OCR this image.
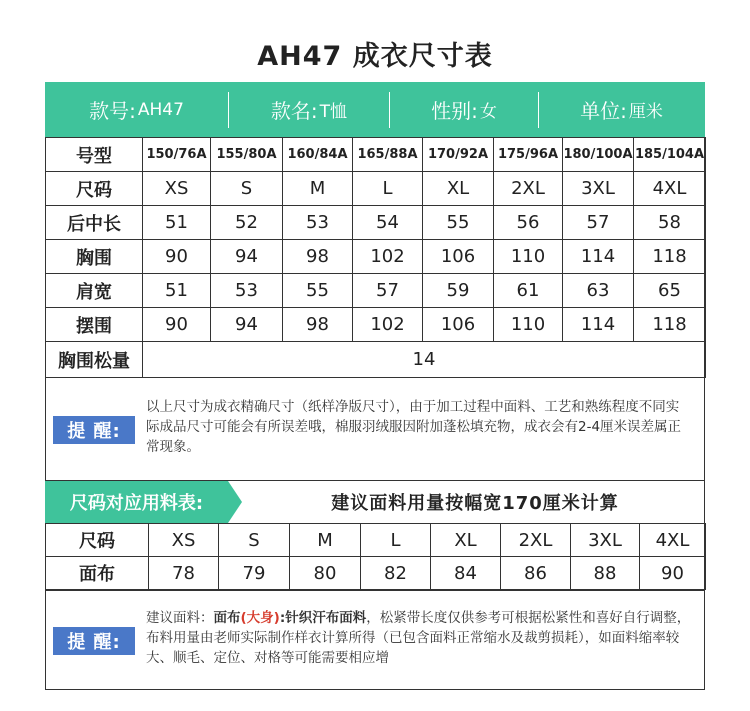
AH47 成衣尺寸表
款号: AH47	款名: T恤	性别: 女	单位: 厘米
号型	150/76A	155/80A	160/84A	165/88A	170/92A	175/96A	180/100A	185/104A
尺码	XS	S	M	L	XL	2XL	3XL	4XL
后中长	51	52	53	54	55	56	57	58
胸围	90	94	98	102	106	110	114	118
肩宽	51	53	55	57	59	61	63	65
摆围	90	94	98	102	106	110	114	118
胸围松量	14							
提 醒:
以上尺寸为成衣精确尺寸（纸样净版尺寸），由于加工过程中面料、工艺和熟练程度不同实际成品尺寸可能会有所误差哦，棉服羽绒服因附加蓬松填充物，成衣会有2-4厘米误差属正常现象。
尺码对应用料表:	建议面料用量按幅宽170厘米计算
尺码	XS	S	M	L	XL	2XL	3XL	4XL
面布	78	79	80	82	84	86	88	90
提 醒:
建议面料：面布(大身):针织汗布面料，松紧带长度仅供参考可根据松紧性和喜好自行调整，布料用量由老师实际制作样衣计算所得（已包含面料正常缩水及裁剪损耗），如面料缩率较大、顺毛、定位、对格等可能需要相应增
